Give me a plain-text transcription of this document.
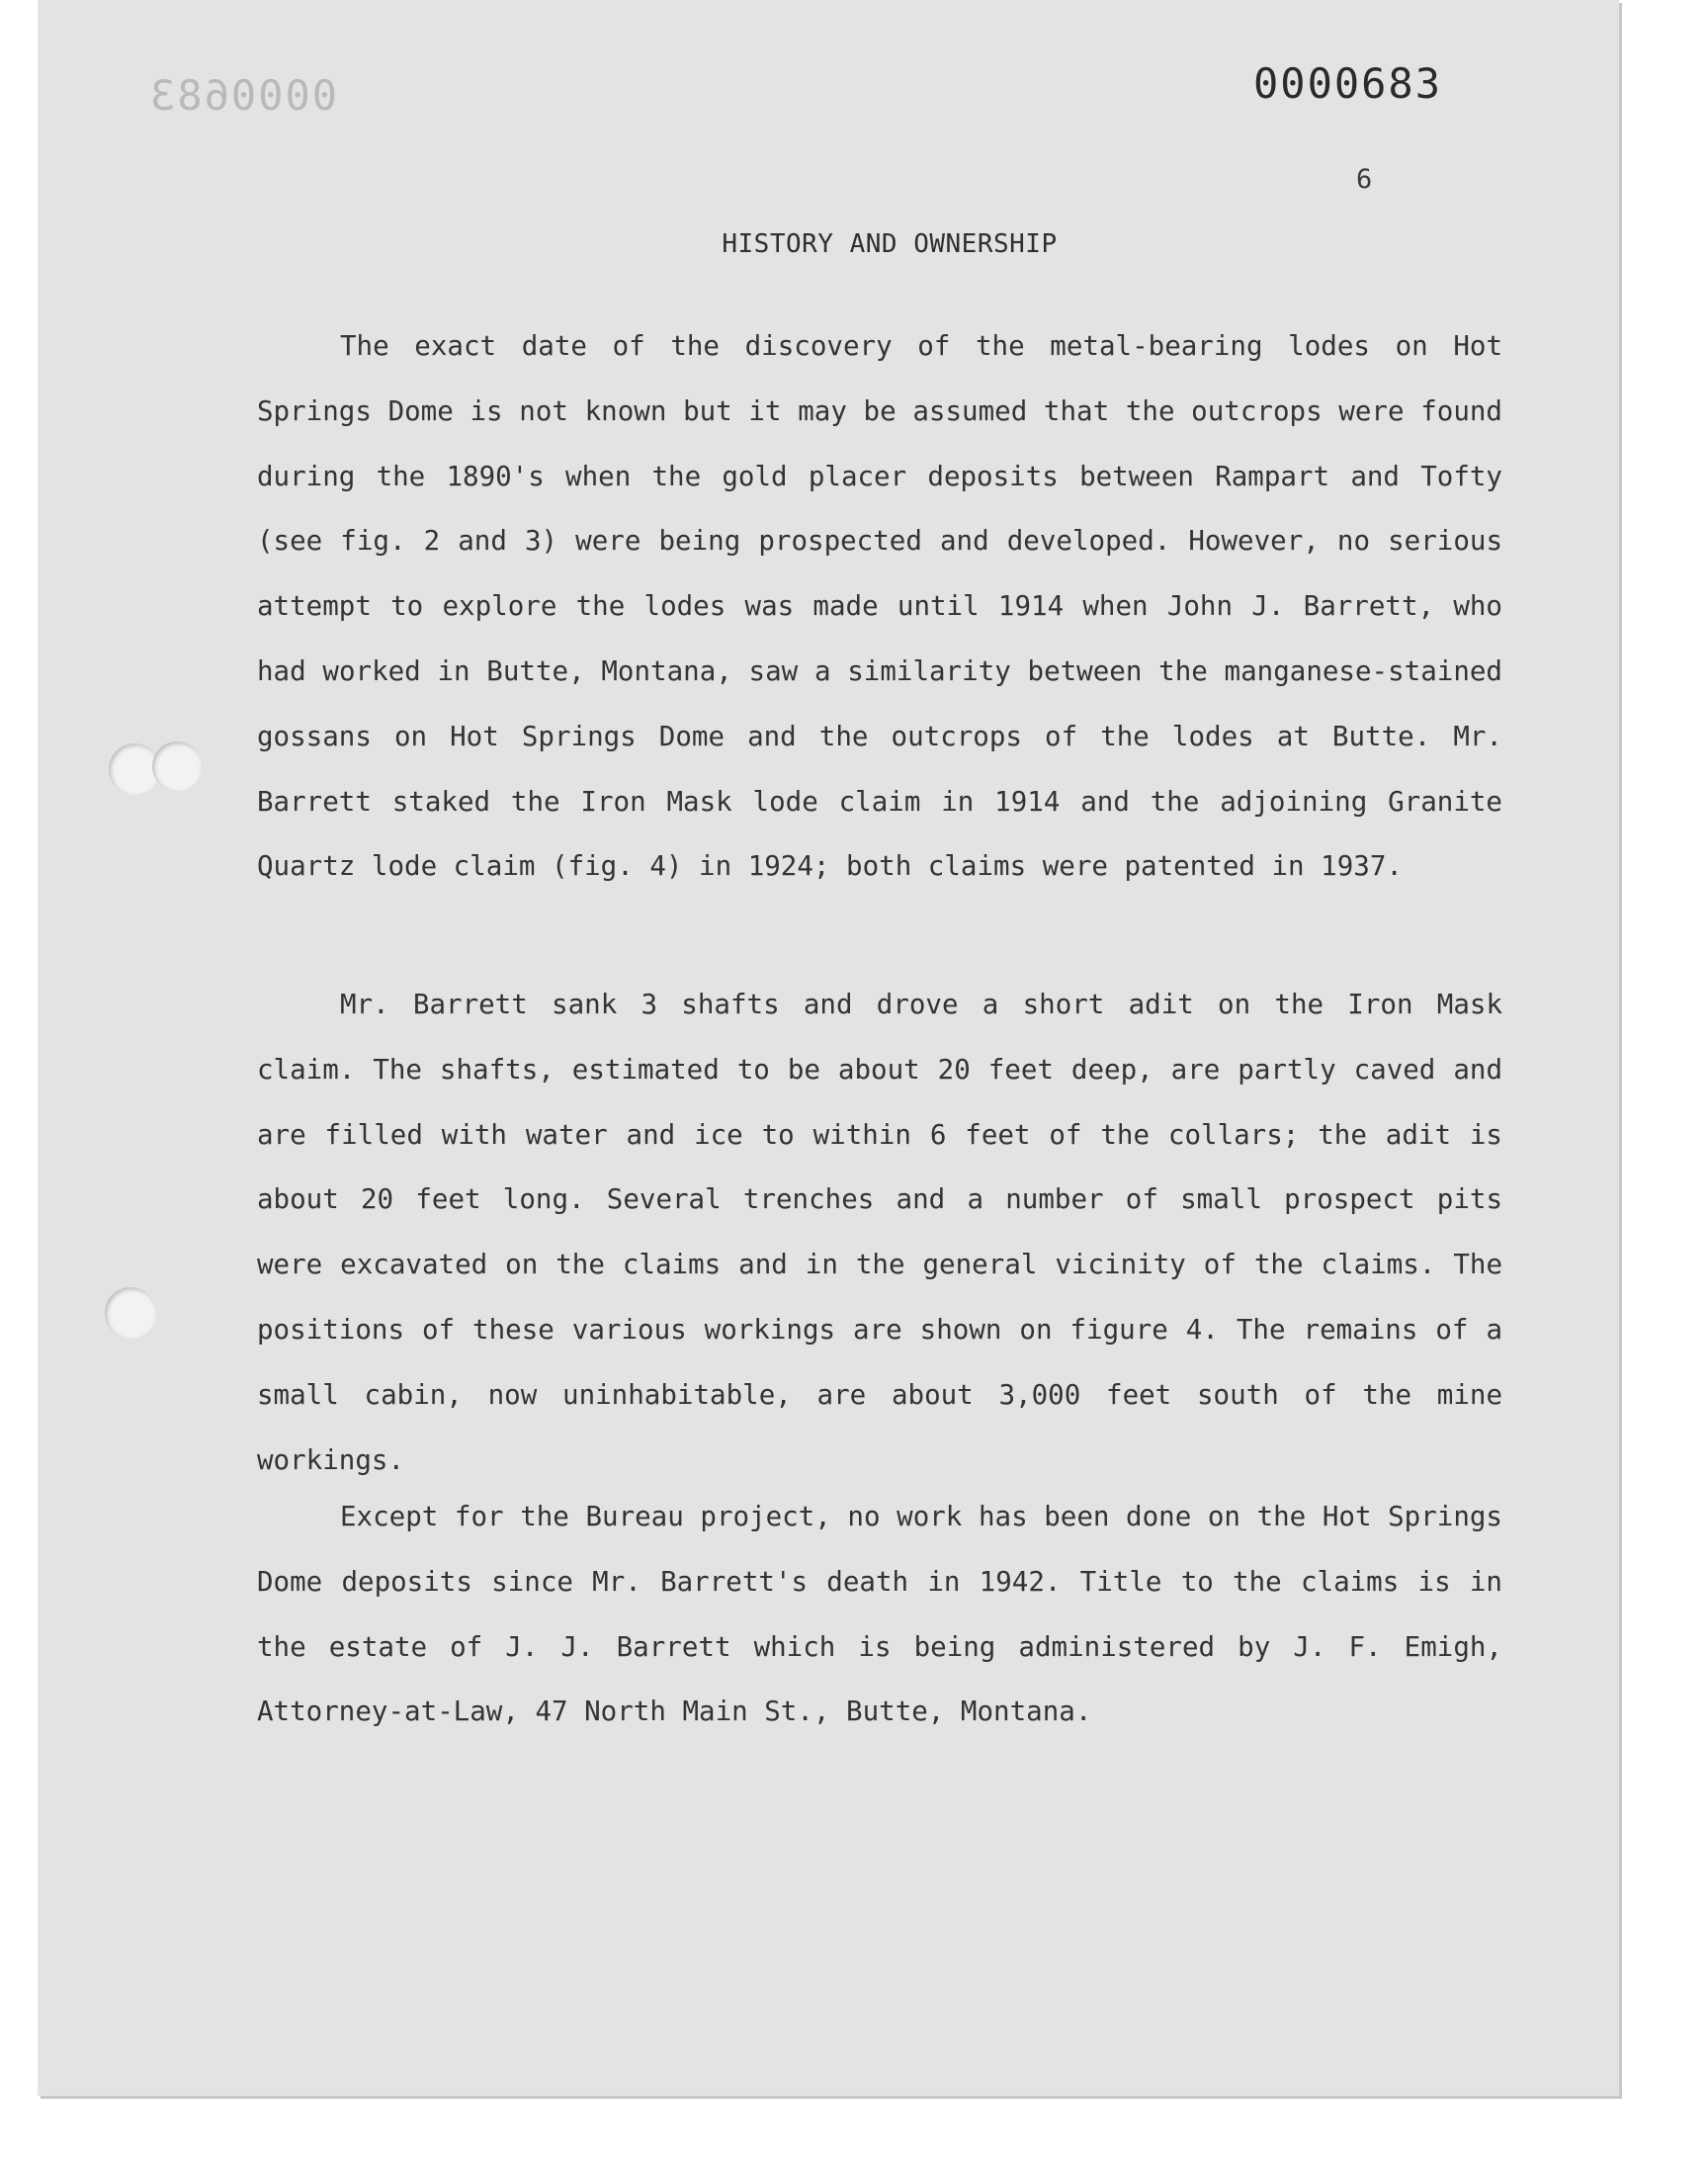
0000683	0000683
6
HISTORY AND OWNERSHIP

The exact date of the discovery of the metal-bearing lodes on Hot Springs Dome is not known but it may be assumed that the outcrops were found during the 1890's when the gold placer deposits between Rampart and Tofty (see fig. 2 and 3) were being prospected and developed. However, no serious attempt to explore the lodes was made until 1914 when John J. Barrett, who had worked in Butte, Montana, saw a similarity between the manganese-stained gossans on Hot Springs Dome and the outcrops of the lodes at Butte. Mr. Barrett staked the Iron Mask lode claim in 1914 and the adjoining Granite Quartz lode claim (fig. 4) in 1924; both claims were patented in 1937.

Mr. Barrett sank 3 shafts and drove a short adit on the Iron Mask claim. The shafts, estimated to be about 20 feet deep, are partly caved and are filled with water and ice to within 6 feet of the collars; the adit is about 20 feet long. Several trenches and a number of small prospect pits were excavated on the claims and in the general vicinity of the claims. The positions of these various workings are shown on figure 4. The remains of a small cabin, now uninhabitable, are about 3,000 feet south of the mine workings.

Except for the Bureau project, no work has been done on the Hot Springs Dome deposits since Mr. Barrett's death in 1942. Title to the claims is in the estate of J. J. Barrett which is being administered by J. F. Emigh, Attorney-at-Law, 47 North Main St., Butte, Montana.
